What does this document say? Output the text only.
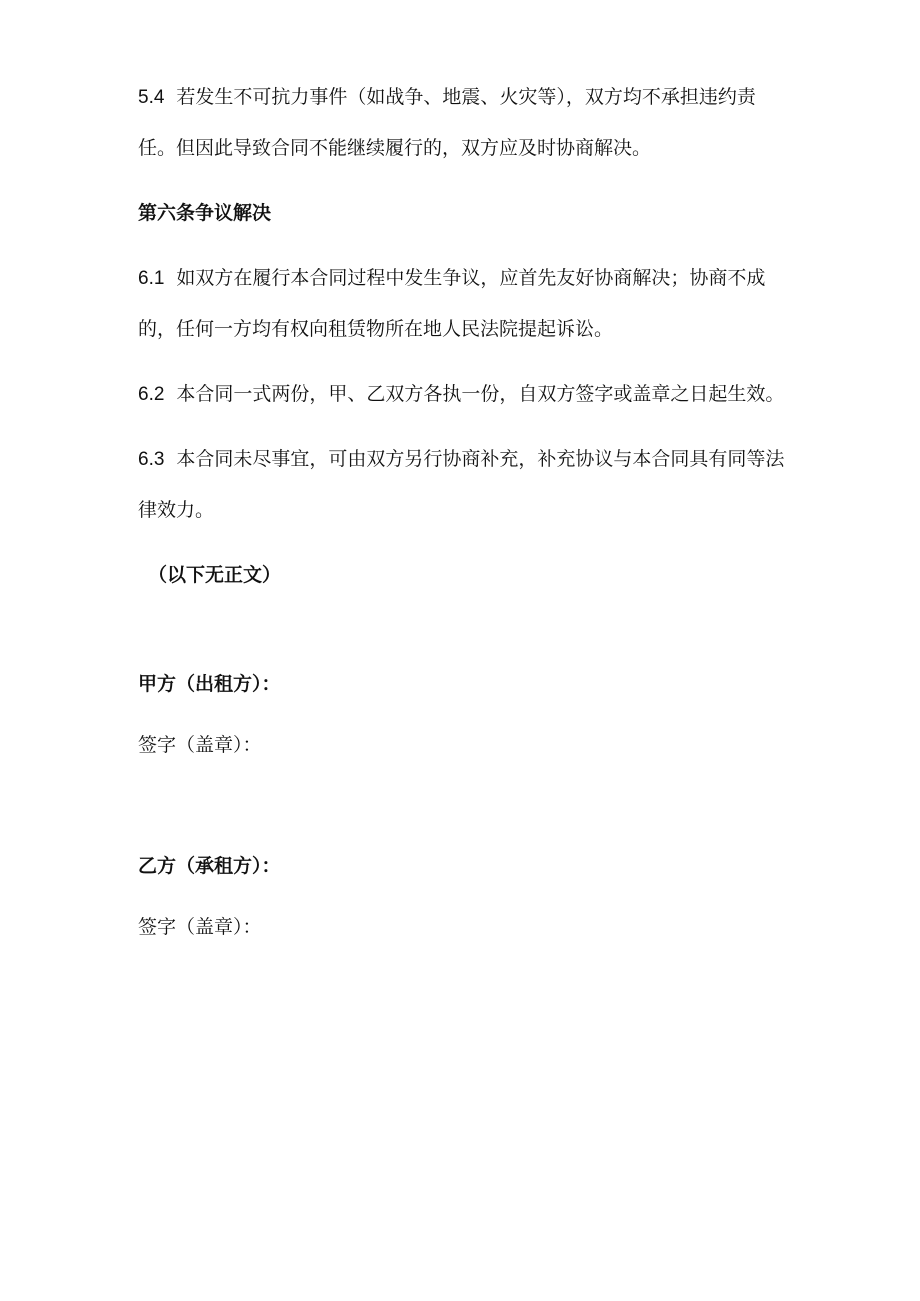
5.4 若发生不可抗力事件（如战争、地震、火灾等），双方均不承担违约责任。但因此导致合同不能继续履行的，双方应及时协商解决。

第六条争议解决

6.1 如双方在履行本合同过程中发生争议，应首先友好协商解决；协商不成的，任何一方均有权向租赁物所在地人民法院提起诉讼。

6.2 本合同一式两份，甲、乙双方各执一份，自双方签字或盖章之日起生效。

6.3 本合同未尽事宜，可由双方另行协商补充，补充协议与本合同具有同等法律效力。

（以下无正文）

甲方（出租方）：

签字（盖章）：

乙方（承租方）：

签字（盖章）：
